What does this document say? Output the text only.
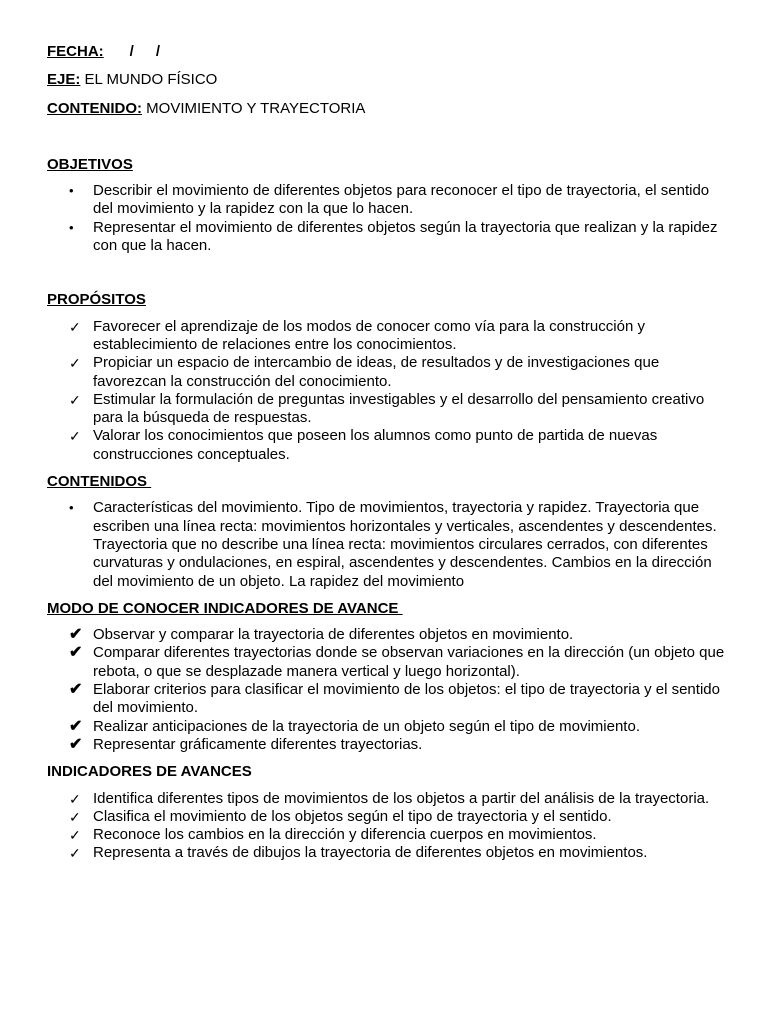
FECHA: / /

EJE: EL MUNDO FÍSICO

CONTENIDO: MOVIMIENTO Y TRAYECTORIA

OBJETIVOS

•	Describir el movimiento de diferentes objetos para reconocer el tipo de trayectoria, el sentido del movimiento y la rapidez con la que lo hacen.
•	Representar el movimiento de diferentes objetos según la trayectoria que realizan y la rapidez con que la hacen.

PROPÓSITOS

✓ Favorecer el aprendizaje de los modos de conocer como vía para la construcción y establecimiento de relaciones entre los conocimientos.
✓ Propiciar un espacio de intercambio de ideas, de resultados y de investigaciones que favorezcan la construcción del conocimiento.
✓ Estimular la formulación de preguntas investigables y el desarrollo del pensamiento creativo para la búsqueda de respuestas.
✓ Valorar los conocimientos que poseen los alumnos como punto de partida de nuevas construcciones conceptuales.

CONTENIDOS

•	Características del movimiento. Tipo de movimientos, trayectoria y rapidez. Trayectoria que escriben una línea recta: movimientos horizontales y verticales, ascendentes y descendentes. Trayectoria que no describe una línea recta: movimientos circulares cerrados, con diferentes curvaturas y ondulaciones, en espiral, ascendentes y descendentes. Cambios en la dirección del movimiento de un objeto. La rapidez del movimiento

MODO DE CONOCER INDICADORES DE AVANCE

✔ Observar y comparar la trayectoria de diferentes objetos en movimiento.
✔ Comparar diferentes trayectorias donde se observan variaciones en la dirección (un objeto que rebota, o que se desplazade manera vertical y luego horizontal).
✔ Elaborar criterios para clasificar el movimiento de los objetos: el tipo de trayectoria y el sentido del movimiento.
✔ Realizar anticipaciones de la trayectoria de un objeto según el tipo de movimiento.
✔ Representar gráficamente diferentes trayectorias.

INDICADORES DE AVANCES

✓ Identifica diferentes tipos de movimientos de los objetos a partir del análisis de la trayectoria.
✓ Clasifica el movimiento de los objetos según el tipo de trayectoria y el sentido.
✓ Reconoce los cambios en la dirección y diferencia cuerpos en movimientos.
✓ Representa a través de dibujos la trayectoria de diferentes objetos en movimientos.
